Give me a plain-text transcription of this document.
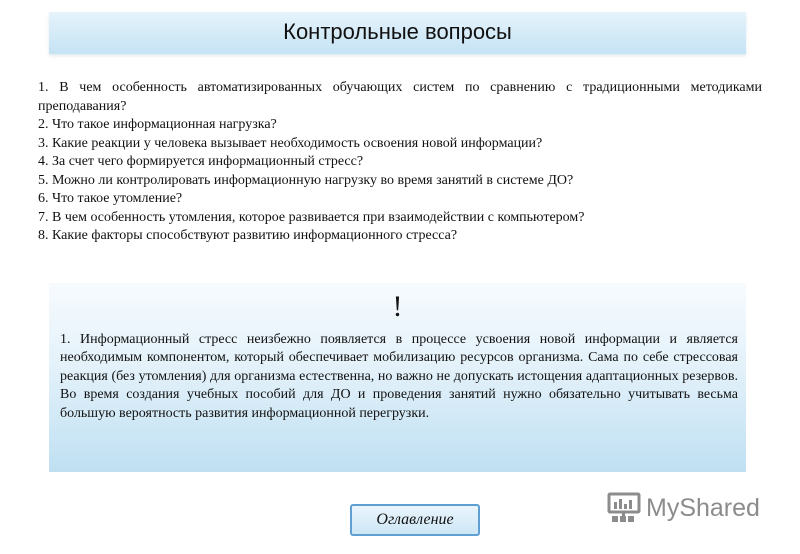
Контрольные вопросы
1. В чем особенность автоматизированных обучающих систем по сравнению с традиционными методиками преподавания?
2. Что такое информационная нагрузка?
3. Какие реакции у человека вызывает необходимость освоения новой информации?
4. За счет чего формируется информационный стресс?
5. Можно ли контролировать информационную нагрузку во время занятий в системе ДО?
6. Что такое утомление?
7. В чем особенность утомления, которое развивается при взаимодействии с компьютером?
8. Какие факторы способствуют развитию информационного стресса?
!

1. Информационный стресс неизбежно появляется в процессе усвоения новой информации и является необходимым компонентом, который обеспечивает мобилизацию ресурсов организма. Сама по себе стрессовая реакция (без утомления) для организма естественна, но важно не допускать истощения адаптационных резервов. Во время создания учебных пособий для ДО и проведения занятий нужно обязательно учитывать весьма большую вероятность развития информационной перегрузки.

Оглавление	MyShared
